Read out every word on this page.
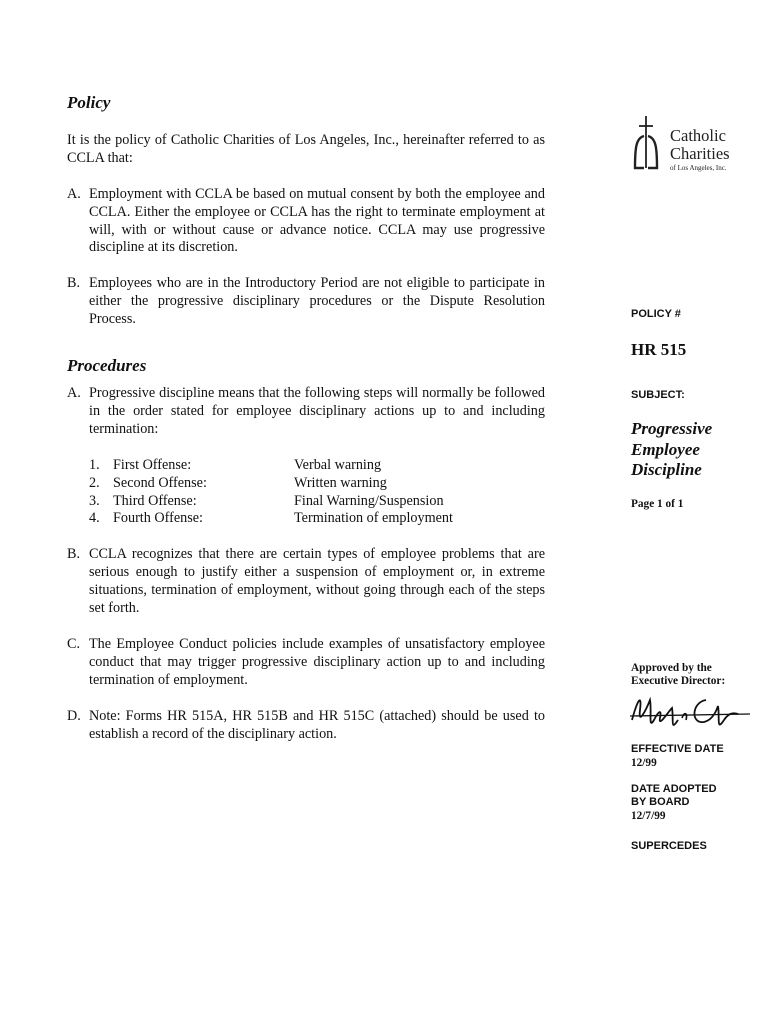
Policy

It is the policy of Catholic Charities of Los Angeles, Inc., hereinafter referred to as CCLA that:

A. Employment with CCLA be based on mutual consent by both the employee and CCLA. Either the employee or CCLA has the right to terminate employment at will, with or without cause or advance notice. CCLA may use progressive discipline at its discretion.
B. Employees who are in the Introductory Period are not eligible to participate in either the progressive disciplinary procedures or the Dispute Resolution Process.

Procedures

A. Progressive discipline means that the following steps will normally be followed in the order stated for employee disciplinary actions up to and including termination:
1. First Offense:	Verbal warning
2. Second Offense:	Written warning
3. Third Offense:	Final Warning/Suspension
4. Fourth Offense:	Termination of employment
B. CCLA recognizes that there are certain types of employee problems that are serious enough to justify either a suspension of employment or, in extreme situations, termination of employment, without going through each of the steps set forth.
C. The Employee Conduct policies include examples of unsatisfactory employee conduct that may trigger progressive disciplinary action up to and including termination of employment.
D. Note: Forms HR 515A, HR 515B and HR 515C (attached) should be used to establish a record of the disciplinary action.
Catholic
Charities
of Los Angeles, Inc.
POLICY #
HR 515
SUBJECT:
Progressive
Employee
Discipline
Page 1 of 1
Approved by the
Executive Director:
EFFECTIVE DATE
12/99
DATE ADOPTED
BY BOARD
12/7/99
SUPERCEDES
